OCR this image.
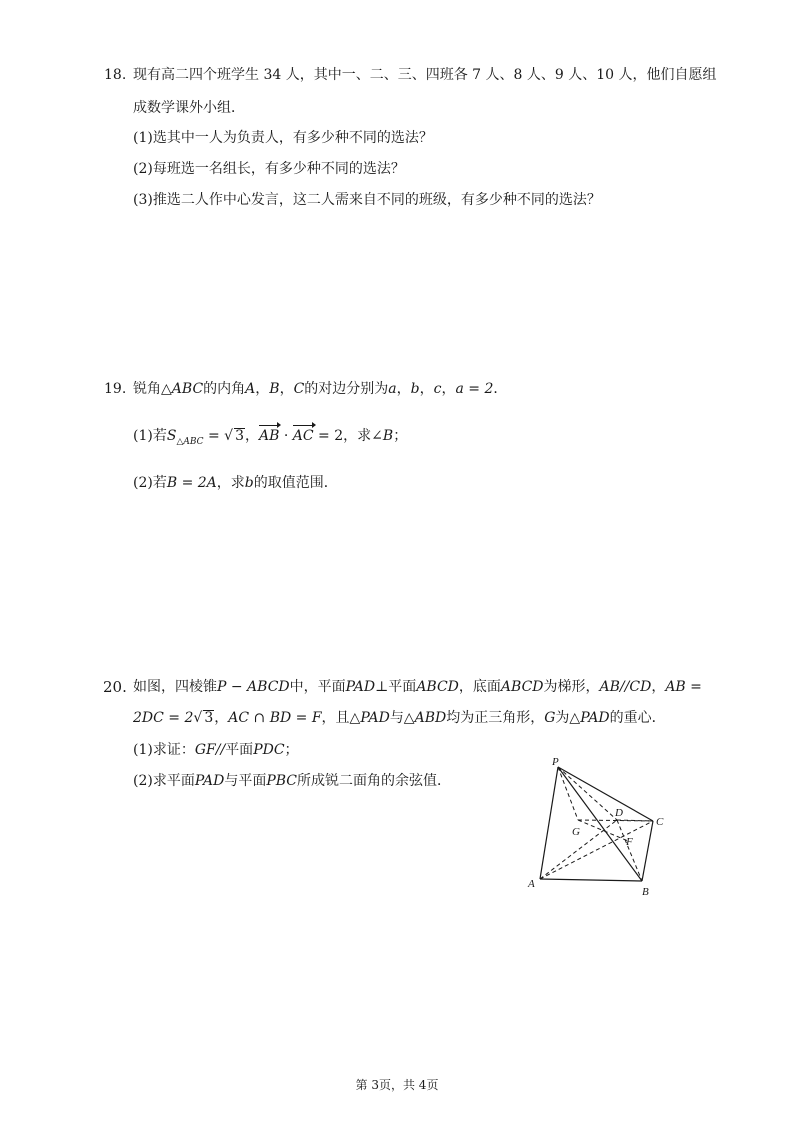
18. 现有高二四个班学生 34 人，其中一、二、三、四班各 7 人、8 人、9 人、10 人，他们自愿组
成数学课外小组．
(1)选其中一人为负责人，有多少种不同的选法？
(2)每班选一名组长，有多少种不同的选法？
(3)推选二人作中心发言，这二人需来自不同的班级，有多少种不同的选法？
19. 锐角△ABC的内角A，B，C的对边分别为a，b，c，a = 2．
(1)若$S_{\triangle ABC}$ = √ 3，AB · AC = 2，求∠B；
(2)若B = 2A，求b的取值范围．
20. 如图，四棱锥P − ABCD中，平面PAD⊥平面ABCD，底面ABCD为梯形，AB//CD，AB =
2DC = 2√ 3，AC ∩ BD = F，且△PAD与△ABD均为正三角形，G为△PAD的重心．
(1)求证：GF//平面PDC；
(2)求平面PAD与平面PBC所成锐二面角的余弦值．
P
A
B
C
D
G
F
第 3页，共 4页
